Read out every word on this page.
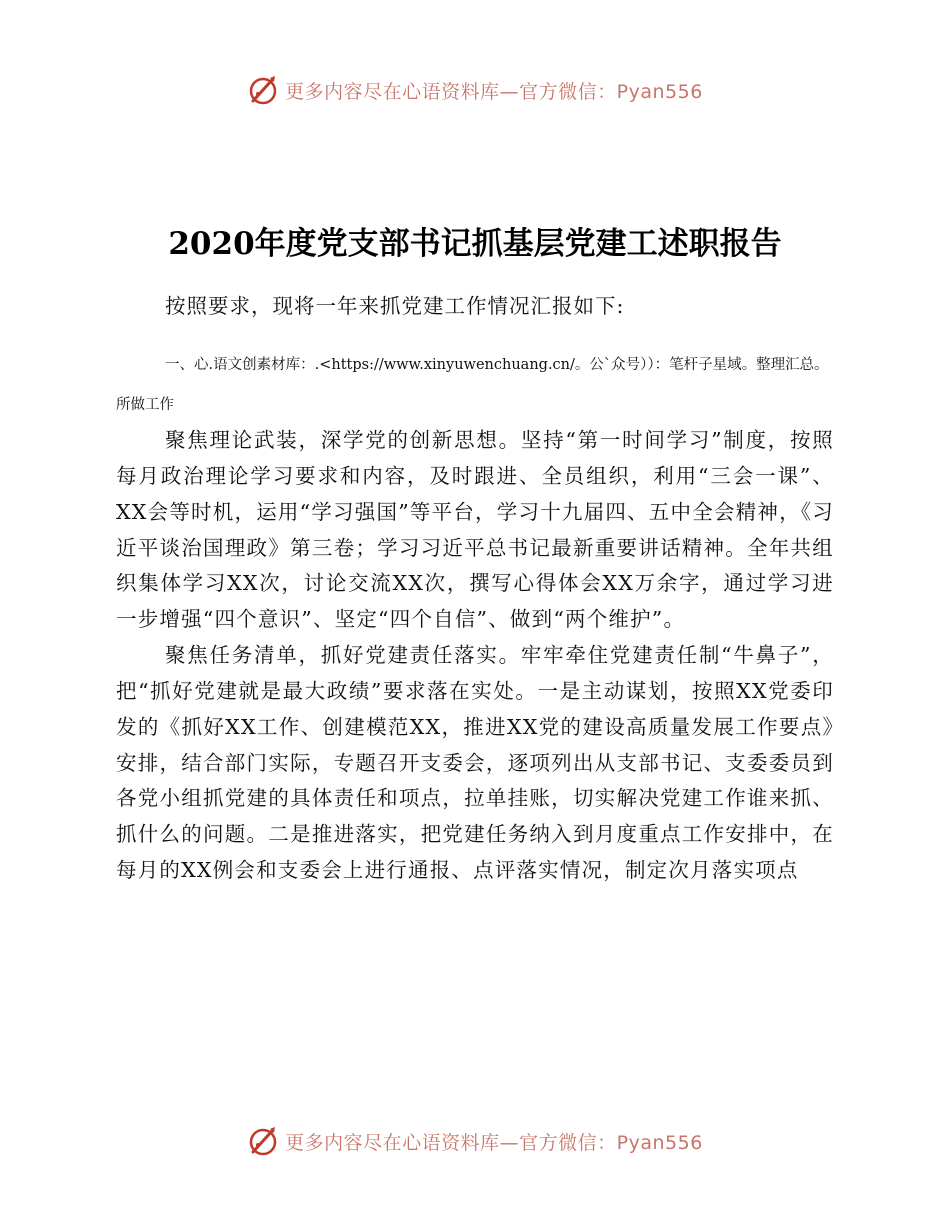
更多内容尽在心语资料库—官方微信：Pyan556
2020年度党支部书记抓基层党建工述职报告
按照要求，现将一年来抓党建工作情况汇报如下:
一、心.语文创素材库：.<https://www.xinyuwenchuang.cn/。公`众号））：笔杆子星域。整理汇总。所做工作

聚焦理论武装，深学党的创新思想。坚持“第一时间学习”制度，按照每月政治理论学习要求和内容，及时跟进、全员组织，利用“三会一课”、XX会等时机，运用“学习强国”等平台，学习十九届四、五中全会精神，《习近平谈治国理政》第三卷；学习习近平总书记最新重要讲话精神。全年共组织集体学习XX次，讨论交流XX次，撰写心得体会XX万余字，通过学习进一步增强“四个意识”、坚定“四个自信”、做到“两个维护”。

聚焦任务清单，抓好党建责任落实。牢牢牵住党建责任制“牛鼻子”，把“抓好党建就是最大政绩”要求落在实处。一是主动谋划，按照XX党委印发的《抓好XX工作、创建模范XX，推进XX党的建设高质量发展工作要点》安排，结合部门实际，专题召开支委会，逐项列出从支部书记、支委委员到各党小组抓党建的具体责任和项点，拉单挂账，切实解决党建工作谁来抓、抓什么的问题。二是推进落实，把党建任务纳入到月度重点工作安排中，在每月的XX例会和支委会上进行通报、点评落实情况，制定次月落实项点

更多内容尽在心语资料库—官方微信：Pyan556
